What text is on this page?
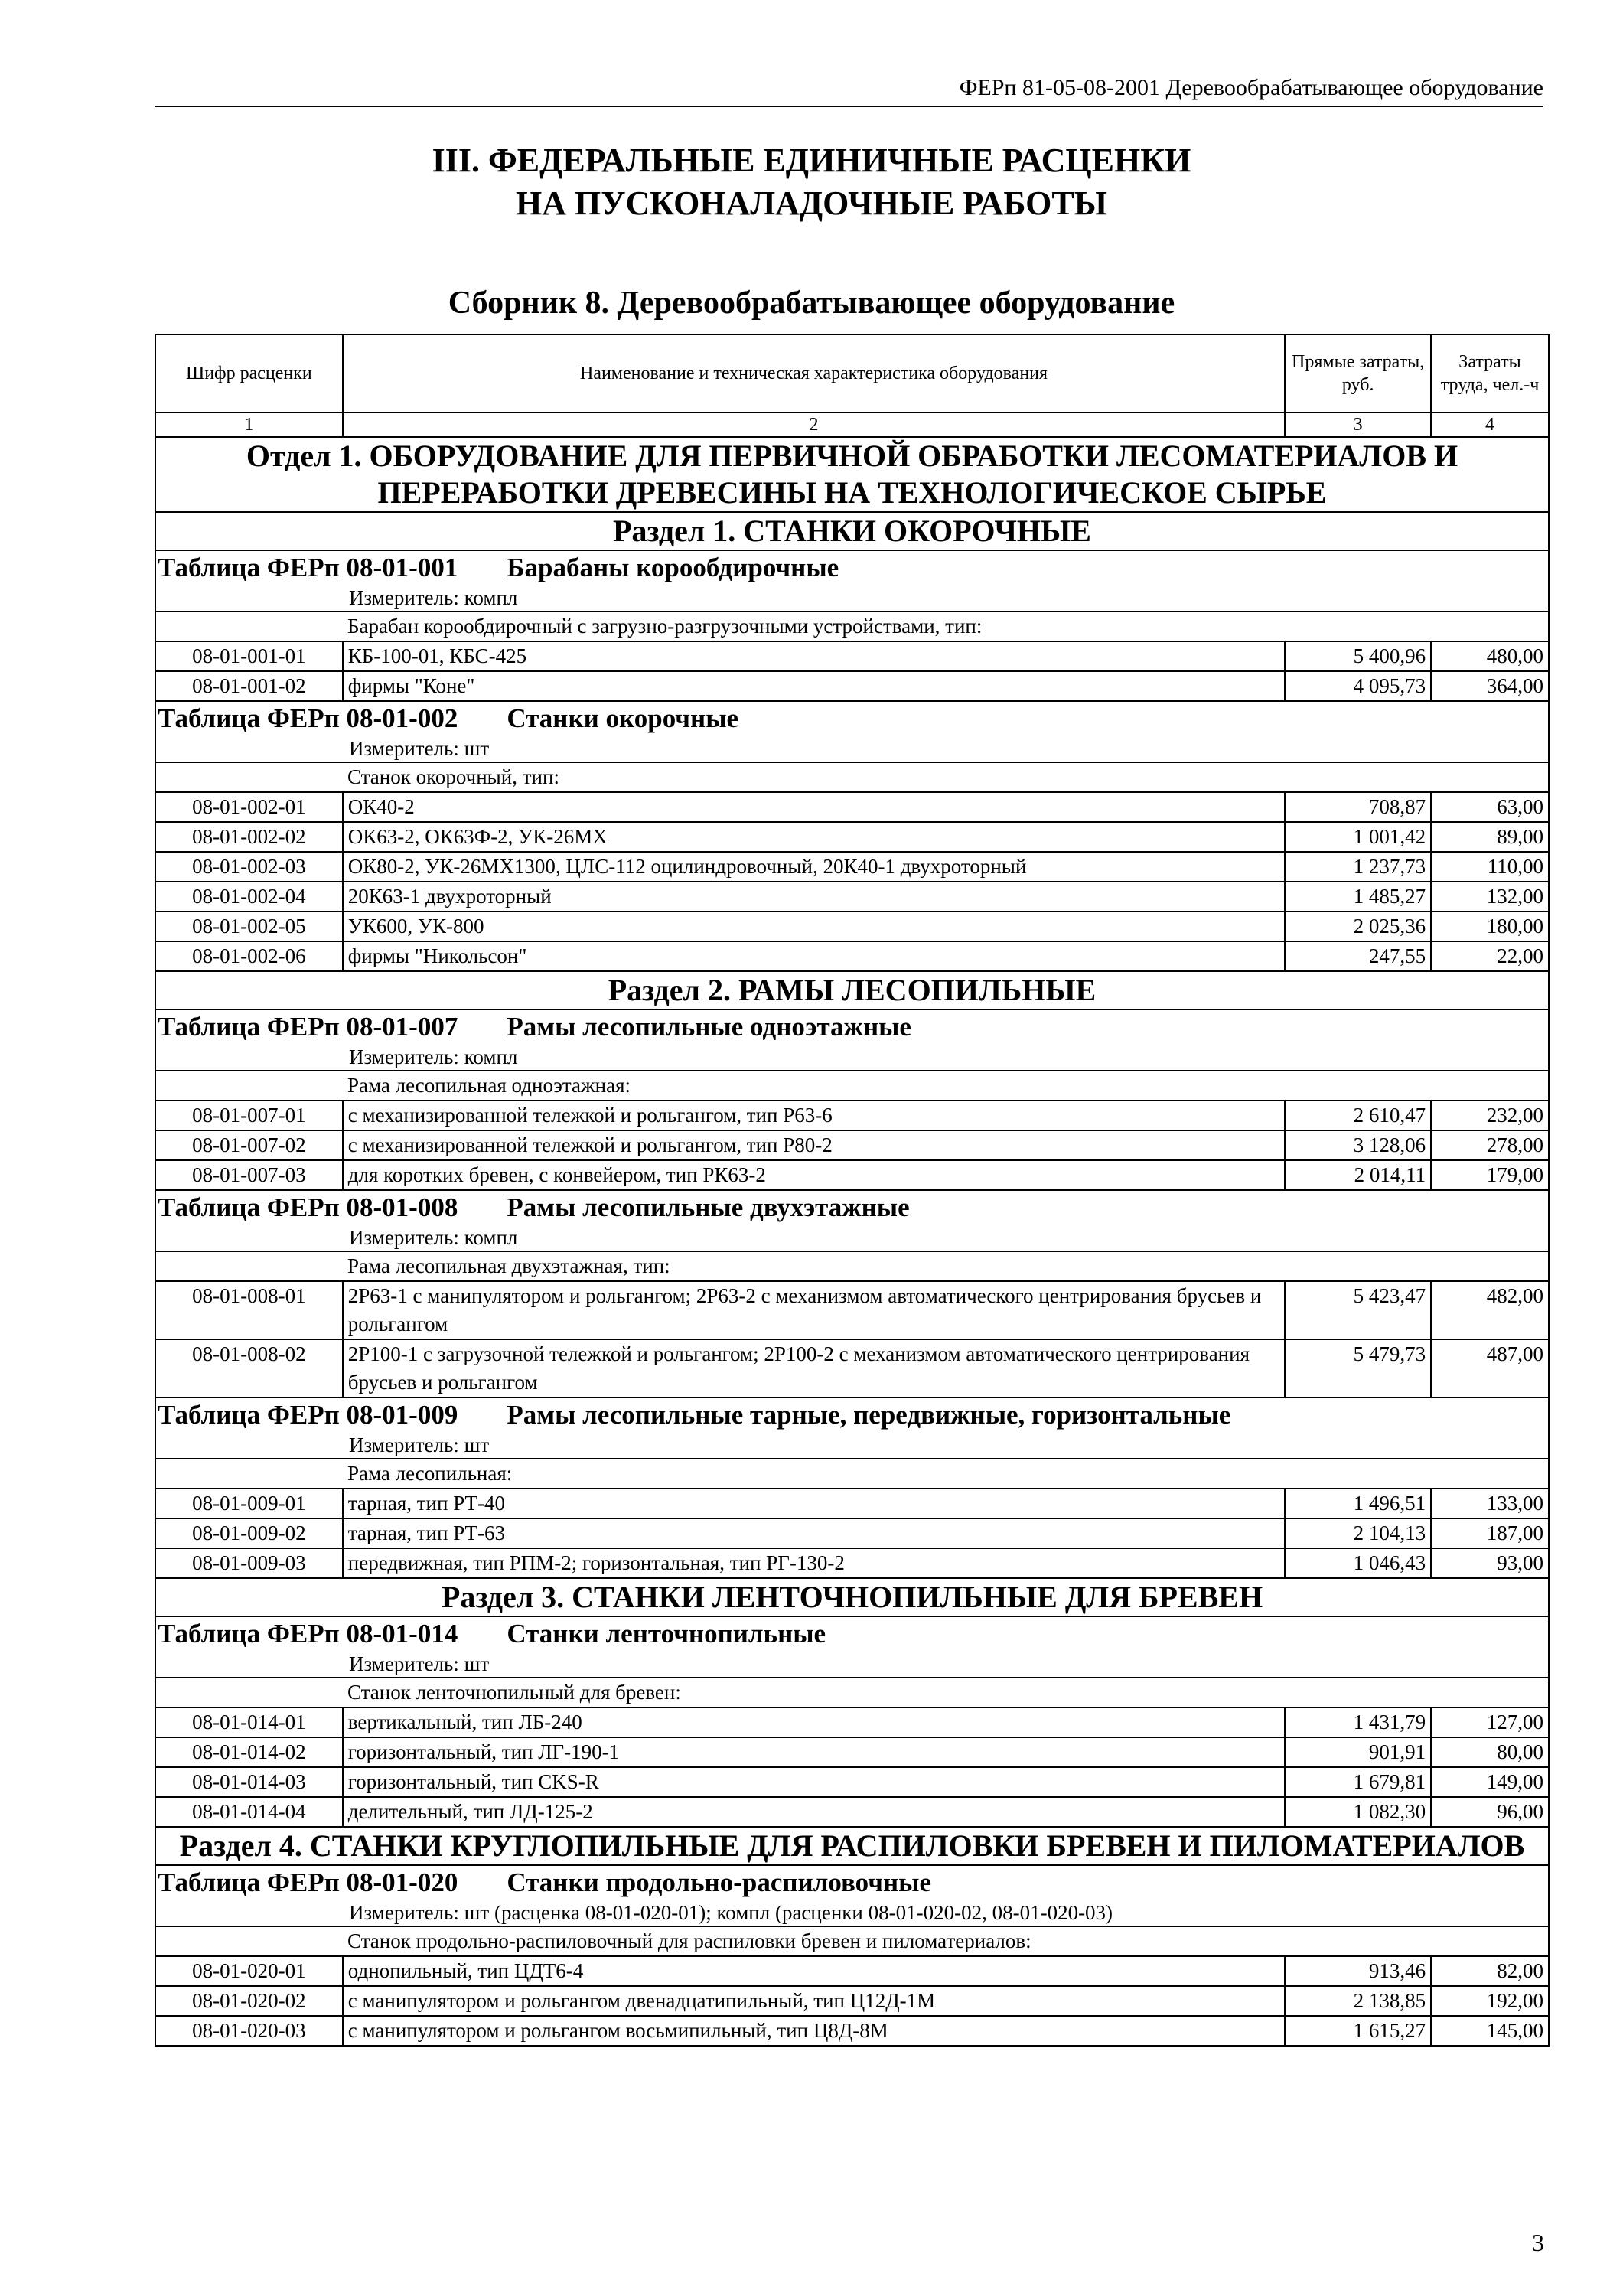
ФЕРп 81-05-08-2001 Деревообрабатывающее оборудование
III. ФЕДЕРАЛЬНЫЕ ЕДИНИЧНЫЕ РАСЦЕНКИ
НА ПУСКОНАЛАДОЧНЫЕ РАБОТЫ
Сборник 8. Деревообрабатывающее оборудование
Шифр расценки	Наименование и техническая характеристика оборудования	Прямые затраты, руб.	Затраты труда, чел.-ч
1	2	3	4
Отдел 1. ОБОРУДОВАНИЕ ДЛЯ ПЕРВИЧНОЙ ОБРАБОТКИ ЛЕСОМАТЕРИАЛОВ И ПЕРЕРАБОТКИ ДРЕВЕСИНЫ НА ТЕХНОЛОГИЧЕСКОЕ СЫРЬЕ			
Раздел 1. СТАНКИ ОКОРОЧНЫЕ			

Таблица ФЕРп 08-01-001 Барабаны корообдирочные
Измеритель: компл			

Барабан корообдирочный с загрузно-разгрузочными устройствами, тип:			
08-01-001-01	КБ-100-01, КБС-425	5 400,96	480,00
08-01-001-02	фирмы "Коне"	4 095,73	364,00

Таблица ФЕРп 08-01-002 Станки окорочные
Измеритель: шт			

Станок окорочный, тип:			
08-01-002-01	ОК40-2	708,87	63,00
08-01-002-02	ОК63-2, ОК63Ф-2, УК-26МХ	1 001,42	89,00
08-01-002-03	ОК80-2, УК-26МХ1300, ЦЛС-112 оцилиндровочный, 20К40-1 двухроторный	1 237,73	110,00
08-01-002-04	20К63-1 двухроторный	1 485,27	132,00
08-01-002-05	УК600, УК-800	2 025,36	180,00
08-01-002-06	фирмы "Никольсон"	247,55	22,00
Раздел 2. РАМЫ ЛЕСОПИЛЬНЫЕ			

Таблица ФЕРп 08-01-007 Рамы лесопильные одноэтажные
Измеритель: компл			

Рама лесопильная одноэтажная:			
08-01-007-01	с механизированной тележкой и рольгангом, тип Р63-6	2 610,47	232,00
08-01-007-02	с механизированной тележкой и рольгангом, тип Р80-2	3 128,06	278,00
08-01-007-03	для коротких бревен, с конвейером, тип РК63-2	2 014,11	179,00

Таблица ФЕРп 08-01-008 Рамы лесопильные двухэтажные
Измеритель: компл			

Рама лесопильная двухэтажная, тип:			
08-01-008-01	2Р63-1 с манипулятором и рольгангом; 2Р63-2 с механизмом автоматического центрирования брусьев и рольгангом	5 423,47	482,00
08-01-008-02	2Р100-1 с загрузочной тележкой и рольгангом; 2Р100-2 с механизмом автоматического центрирования брусьев и рольгангом	5 479,73	487,00

Таблица ФЕРп 08-01-009 Рамы лесопильные тарные, передвижные, горизонтальные
Измеритель: шт			

Рама лесопильная:			
08-01-009-01	тарная, тип РТ-40	1 496,51	133,00
08-01-009-02	тарная, тип РТ-63	2 104,13	187,00
08-01-009-03	передвижная, тип РПМ-2; горизонтальная, тип РГ-130-2	1 046,43	93,00
Раздел 3. СТАНКИ ЛЕНТОЧНОПИЛЬНЫЕ ДЛЯ БРЕВЕН			

Таблица ФЕРп 08-01-014 Станки ленточнопильные
Измеритель: шт			

Станок ленточнопильный для бревен:			
08-01-014-01	вертикальный, тип ЛБ-240	1 431,79	127,00
08-01-014-02	горизонтальный, тип ЛГ-190-1	901,91	80,00
08-01-014-03	горизонтальный, тип CKS-R	1 679,81	149,00
08-01-014-04	делительный, тип ЛД-125-2	1 082,30	96,00
Раздел 4. СТАНКИ КРУГЛОПИЛЬНЫЕ ДЛЯ РАСПИЛОВКИ БРЕВЕН И ПИЛОМАТЕРИАЛОВ			

Таблица ФЕРп 08-01-020 Станки продольно-распиловочные
Измеритель: шт (расценка 08-01-020-01); компл (расценки 08-01-020-02, 08-01-020-03)			

Станок продольно-распиловочный для распиловки бревен и пиломатериалов:			
08-01-020-01	однопильный, тип ЦДТ6-4	913,46	82,00
08-01-020-02	с манипулятором и рольгангом двенадцатипильный, тип Ц12Д-1М	2 138,85	192,00
08-01-020-03	с манипулятором и рольгангом восьмипильный, тип Ц8Д-8М	1 615,27	145,00
3
